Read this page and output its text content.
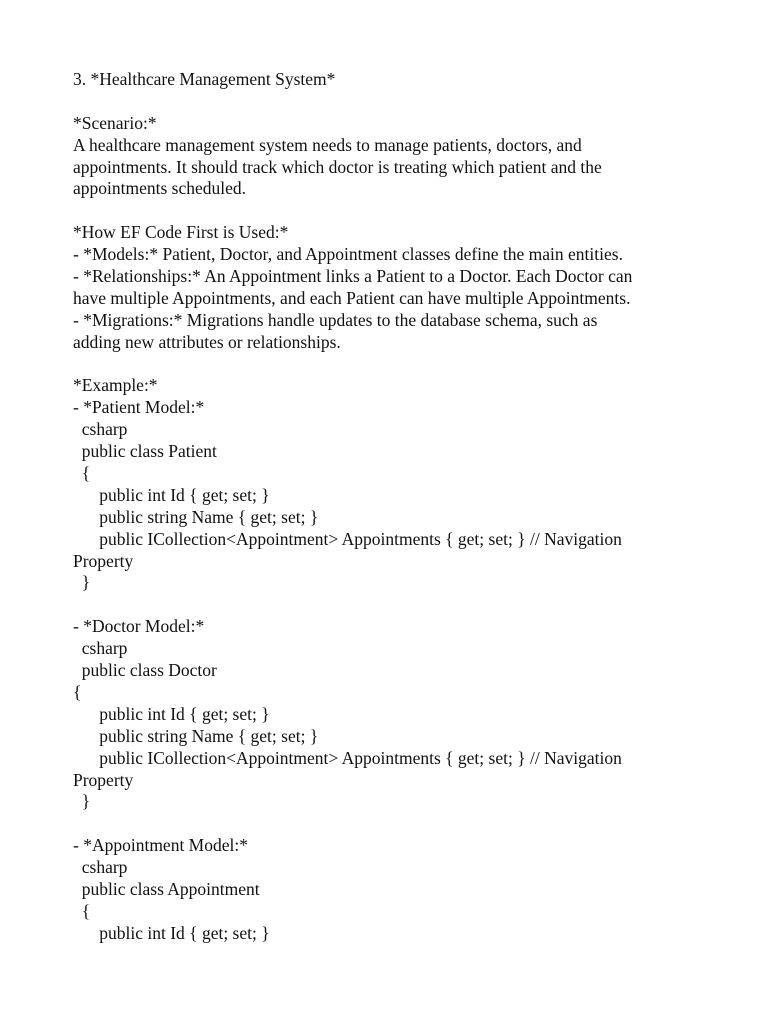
3. *Healthcare Management System*
*Scenario:*
A healthcare management system needs to manage patients, doctors, and
appointments. It should track which doctor is treating which patient and the
appointments scheduled.
*How EF Code First is Used:*
- *Models:* Patient, Doctor, and Appointment classes define the main entities.
- *Relationships:* An Appointment links a Patient to a Doctor. Each Doctor can
have multiple Appointments, and each Patient can have multiple Appointments.
- *Migrations:* Migrations handle updates to the database schema, such as
adding new attributes or relationships.
*Example:*
- *Patient Model:*
csharp
public class Patient
{
public int Id { get; set; }
public string Name { get; set; }
public ICollection<Appointment> Appointments { get; set; } // Navigation
Property
}
- *Doctor Model:*
csharp
public class Doctor
{
public int Id { get; set; }
public string Name { get; set; }
public ICollection<Appointment> Appointments { get; set; } // Navigation
Property
}
- *Appointment Model:*
csharp
public class Appointment
{
public int Id { get; set; }
